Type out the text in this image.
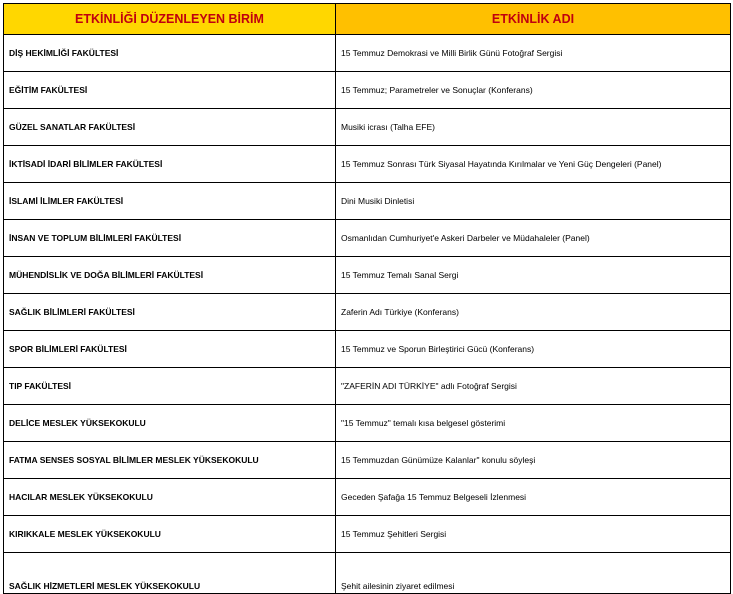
ETKİNLİĞİ DÜZENLEYEN BİRİM	ETKİNLİK ADI
DİŞ HEKİMLİĞİ FAKÜLTESİ	15 Temmuz Demokrasi ve Milli Birlik Günü Fotoğraf Sergisi
EĞİTİM FAKÜLTESİ	15 Temmuz; Parametreler ve Sonuçlar (Konferans)
GÜZEL SANATLAR FAKÜLTESİ	Musiki icrası (Talha EFE)
İKTİSADİ İDARİ BİLİMLER FAKÜLTESİ	15 Temmuz Sonrası Türk Siyasal Hayatında Kırılmalar ve Yeni Güç Dengeleri (Panel)
İSLAMİ İLİMLER FAKÜLTESİ	Dini Musiki Dinletisi
İNSAN VE TOPLUM BİLİMLERİ FAKÜLTESİ	Osmanlıdan Cumhuriyet'e Askeri Darbeler ve Müdahaleler (Panel)
MÜHENDİSLİK VE DOĞA BİLİMLERİ FAKÜLTESİ	15 Temmuz Temalı Sanal Sergi
SAĞLIK BİLİMLERİ FAKÜLTESİ	Zaferin Adı Türkiye (Konferans)
SPOR BİLİMLERİ FAKÜLTESİ	15 Temmuz ve Sporun Birleştirici Gücü (Konferans)
TIP FAKÜLTESİ	"ZAFERİN ADI TÜRKİYE" adlı Fotoğraf Sergisi
DELİCE MESLEK YÜKSEKOKULU	"15 Temmuz" temalı kısa belgesel gösterimi
FATMA SENSES SOSYAL BİLİMLER MESLEK YÜKSEKOKULU	15 Temmuzdan Günümüze Kalanlar" konulu söyleşi
HACILAR MESLEK YÜKSEKOKULU	Geceden Şafağa 15 Temmuz Belgeseli İzlenmesi
KIRIKKALE MESLEK YÜKSEKOKULU	15 Temmuz Şehitleri Sergisi
SAĞLIK HİZMETLERİ MESLEK YÜKSEKOKULU	Şehit ailesinin ziyaret edilmesi
